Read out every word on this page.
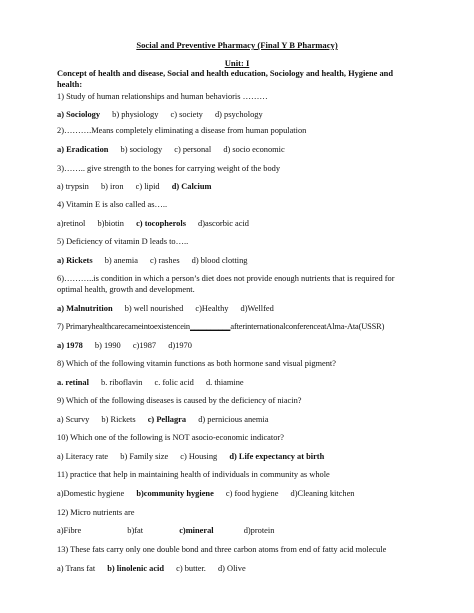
Social and Preventive Pharmacy (Final Y B Pharmacy)
Unit: I
Concept of health and disease, Social and health education, Sociology and health, Hygiene and
health:
1) Study of human relationships and human behavioris ………
a) Sociology b) physiology c) society d) psychology
2)……….Means completely eliminating a disease from human population
a) Eradication b) sociology c) personal d) socio economic
3)…….. give strength to the bones for carrying weight of the body
a) trypsin b) iron c) lipid d) Calcium
4) Vitamin E is also called as…..
a)retinol b)biotin c) tocopherols d)ascorbic acid
5) Deficiency of vitamin D leads to…..
a) Rickets b) anemia c) rashes d) blood clotting
6)………..is condition in which a person’s diet does not provide enough nutrients that is required for
optimal health, growth and development.
a) Malnutrition b) well nourished c)Healthy d)Wellfed
7) Primaryhealthcarecameintoexistencein__________afterinternationalconferenceatAlma-Ata(USSR)
a) 1978 b) 1990 c)1987 d)1970
8) Which of the following vitamin functions as both hormone sand visual pigment?
a. retinal b. riboflavin c. folic acid d. thiamine
9) Which of the following diseases is caused by the deficiency of niacin?
a) Scurvy b) Rickets c) Pellagra d) pernicious anemia
10) Which one of the following is NOT asocio-economic indicator?
a) Literacy rate b) Family size c) Housing d) Life expectancy at birth
11) practice that help in maintaining health of individuals in community as whole
a)Domestic hygiene b)community hygiene c) food hygiene d)Cleaning kitchen
12) Micro nutrients are
a)Fibre	b)fat	c)mineral	d)protein
13) These fats carry only one double bond and three carbon atoms from end of fatty acid molecule
a) Trans fat b) linolenic acid c) butter. d) Olive
